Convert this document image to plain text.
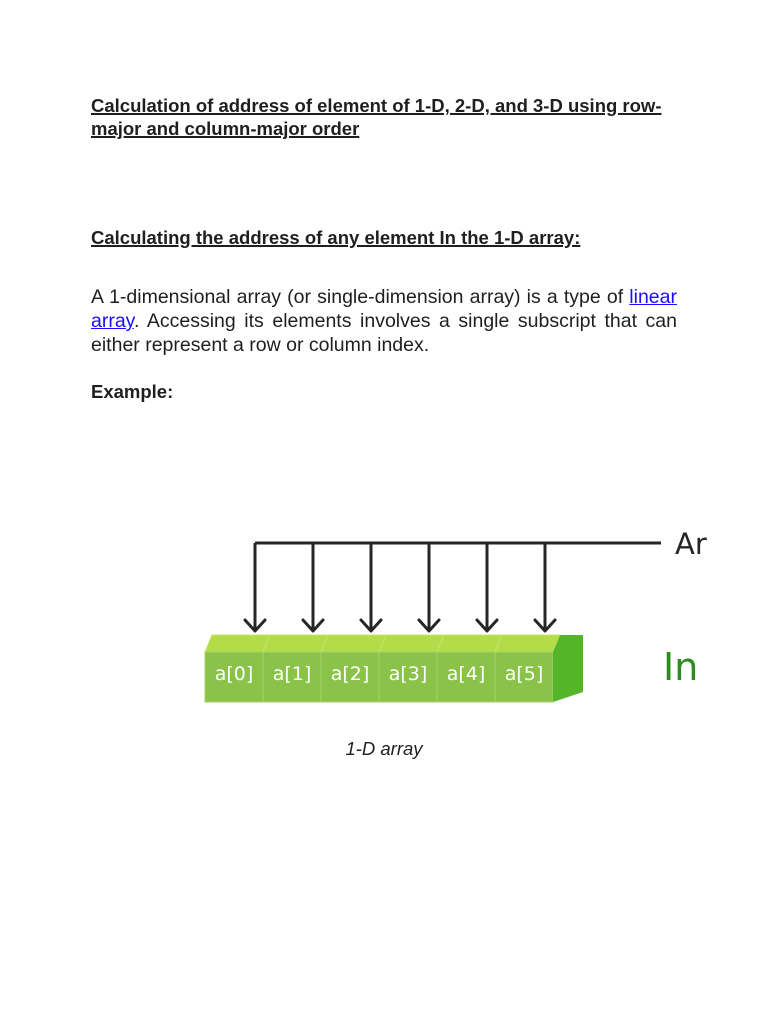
Calculation of address of element of 1-D, 2-D, and 3-D using row-major and column-major order
Calculating the address of any element In the 1-D array:

A 1-dimensional array (or single-dimension array) is a type of linear array. Accessing its elements involves a single subscript that can either represent a row or column index.

Example:

a[0] a[1] a[2] a[3] a[4] a[5]
Ar
In

1-D array
